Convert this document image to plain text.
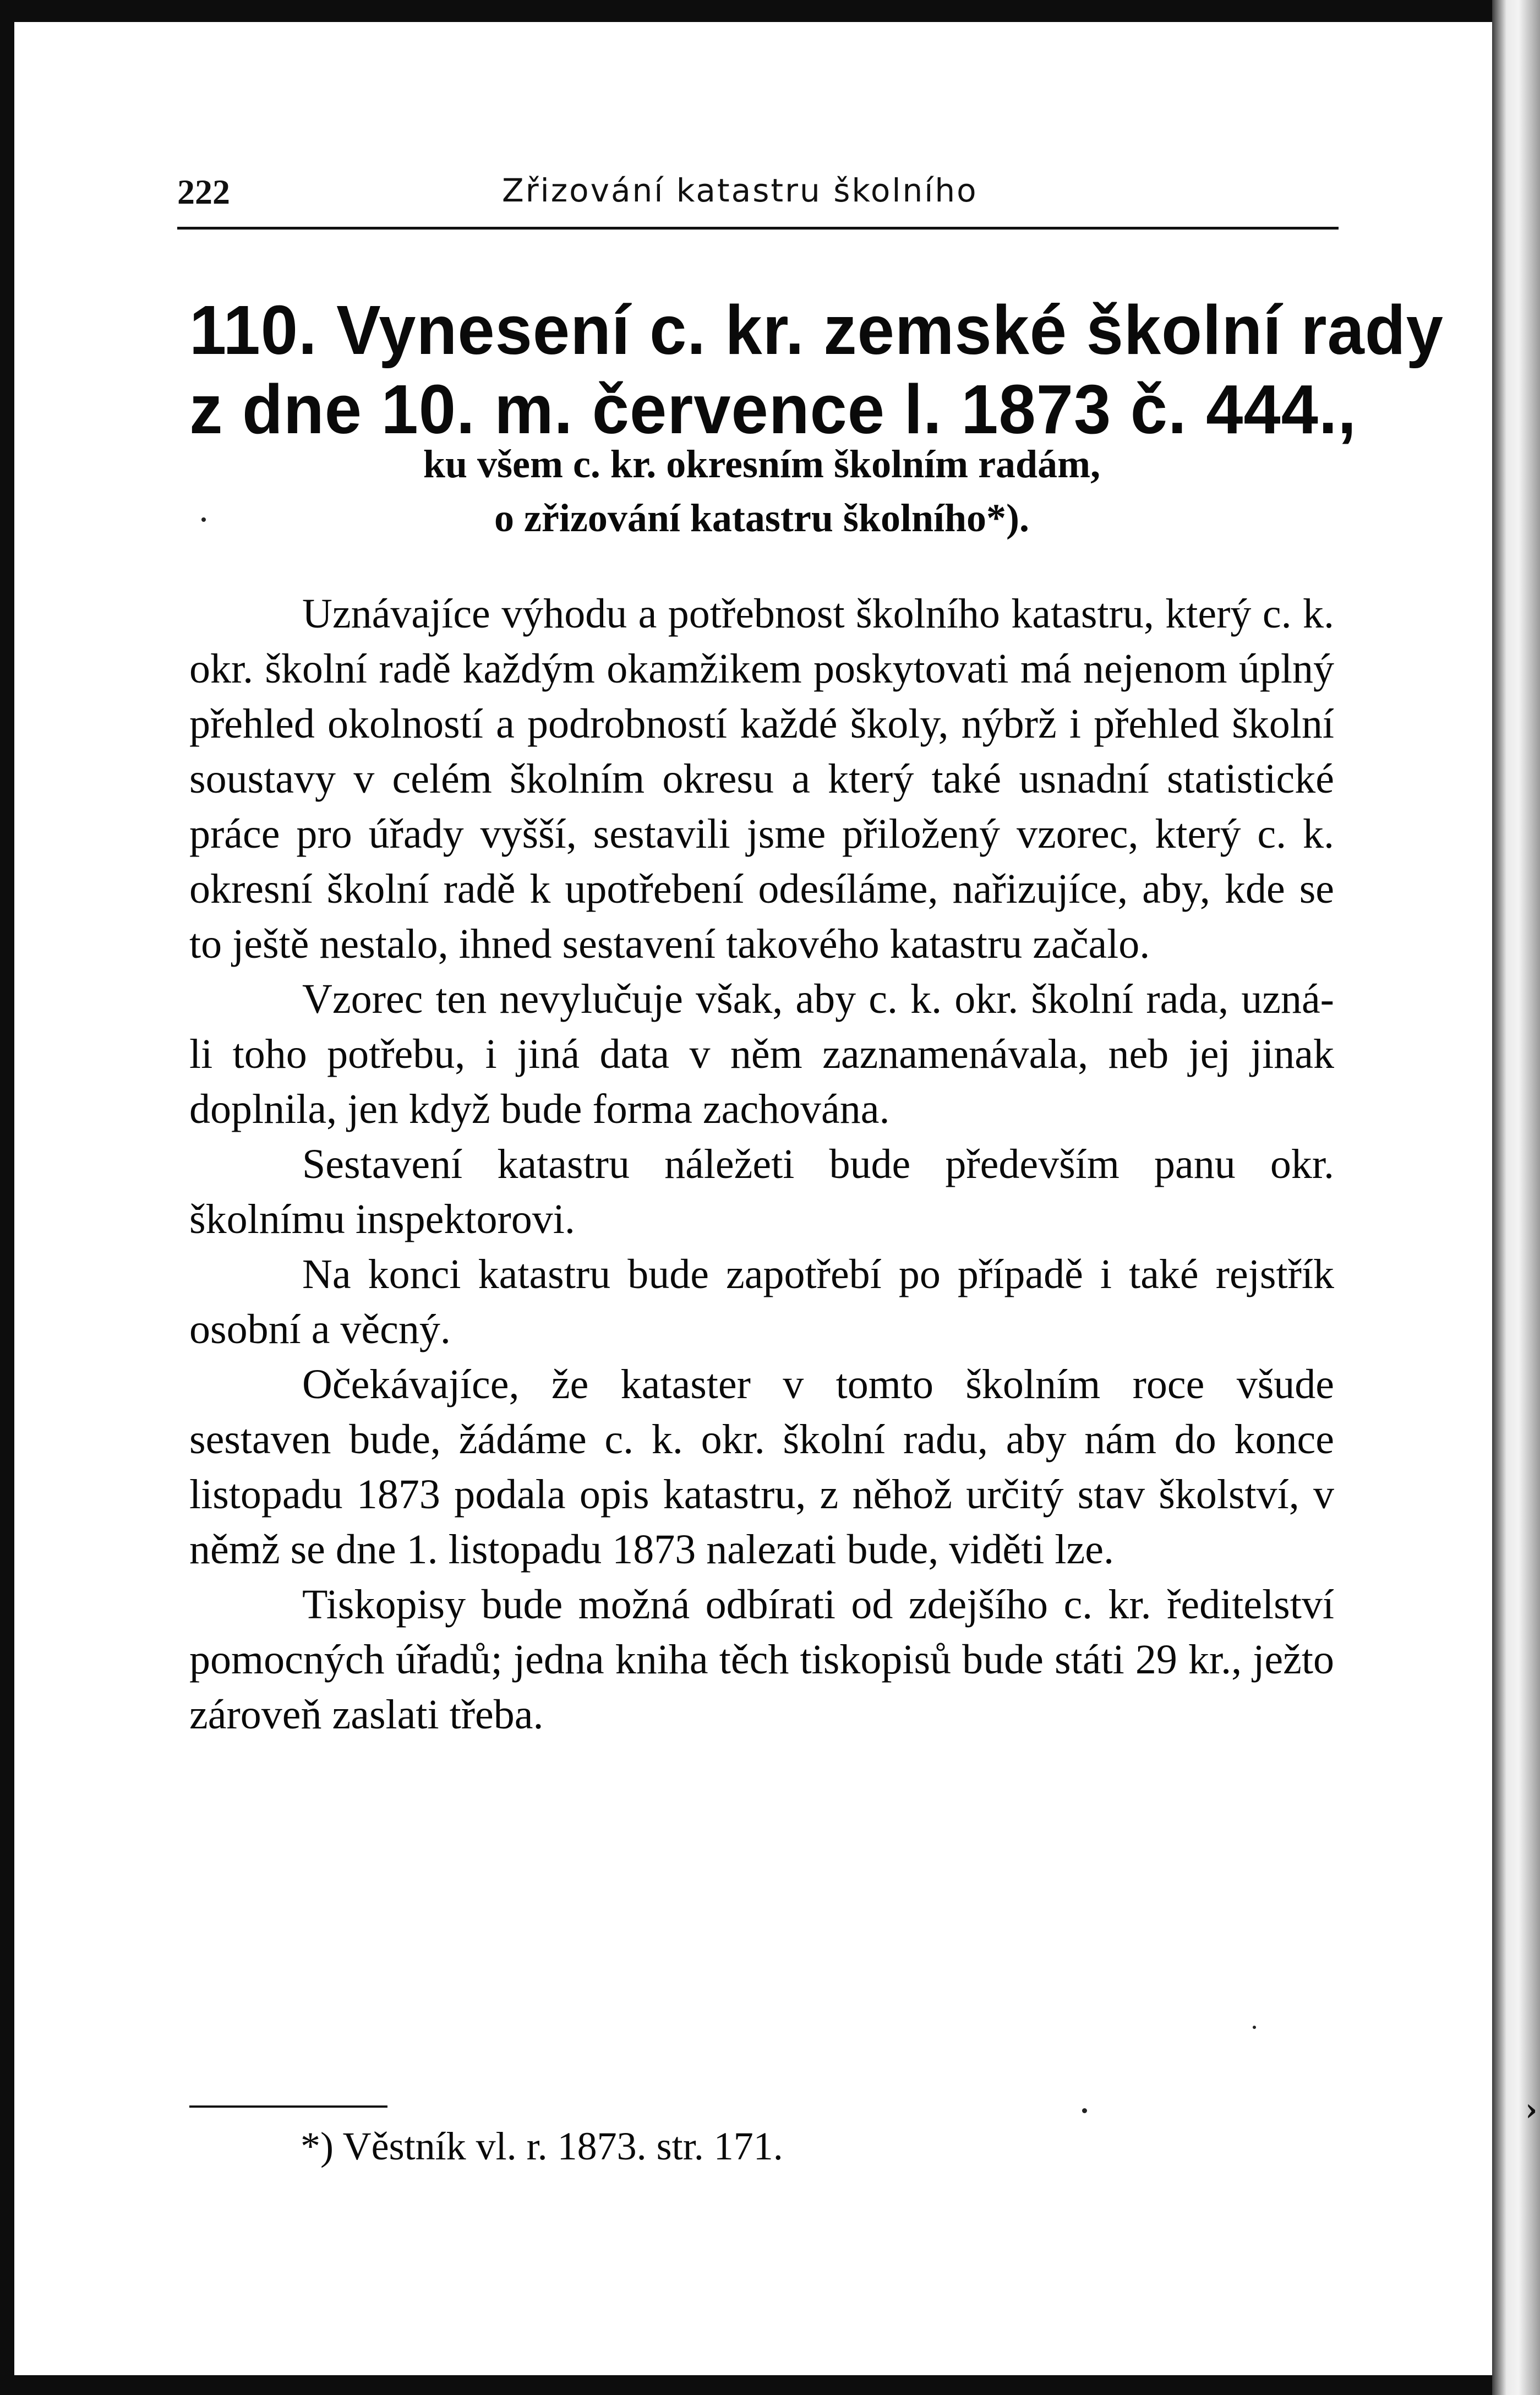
222	Zřizování katastru školního
110. Vynesení c. kr. zemské školní rady
z dne 10. m. července l. 1873 č. 444.,
ku všem c. kr. okresním školním radám,
o zřizování katastru školního*).

Uznávajíce výhodu a potřebnost školního katastru, který c. k. okr. školní radě každým okamžikem poskytovati má nejenom úplný přehled okolností a podrobností každé školy, nýbrž i přehled školní soustavy v celém školním okresu a který také usnadní statistické práce pro úřady vyšší, sestavili jsme přiložený vzorec, který c. k. okresní školní radě k upotřebení odesíláme, nařizujíce, aby, kde se to ještě nestalo, ihned sestavení takového katastru začalo.

Vzorec ten nevylučuje však, aby c. k. okr. školní rada, uzná-li toho potřebu, i jiná data v něm zaznamenávala, neb jej jinak doplnila, jen když bude forma zachována.

Sestavení katastru náležeti bude především panu okr. školnímu inspektorovi.

Na konci katastru bude zapotřebí po případě i také rejstřík osobní a věcný.

Očekávajíce, že kataster v tomto školním roce všude sestaven bude, žádáme c. k. okr. školní radu, aby nám do konce listopadu 1873 podala opis katastru, z něhož určitý stav školství, v němž se dne 1. listopadu 1873 nalezati bude, viděti lze.

Tiskopisy bude možná odbírati od zdejšího c. kr. ředitelství pomocných úřadů; jedna kniha těch tiskopisů bude státi 29 kr., ježto zároveň zaslati třeba.

*) Věstník vl. r. 1873. str. 171.
›
